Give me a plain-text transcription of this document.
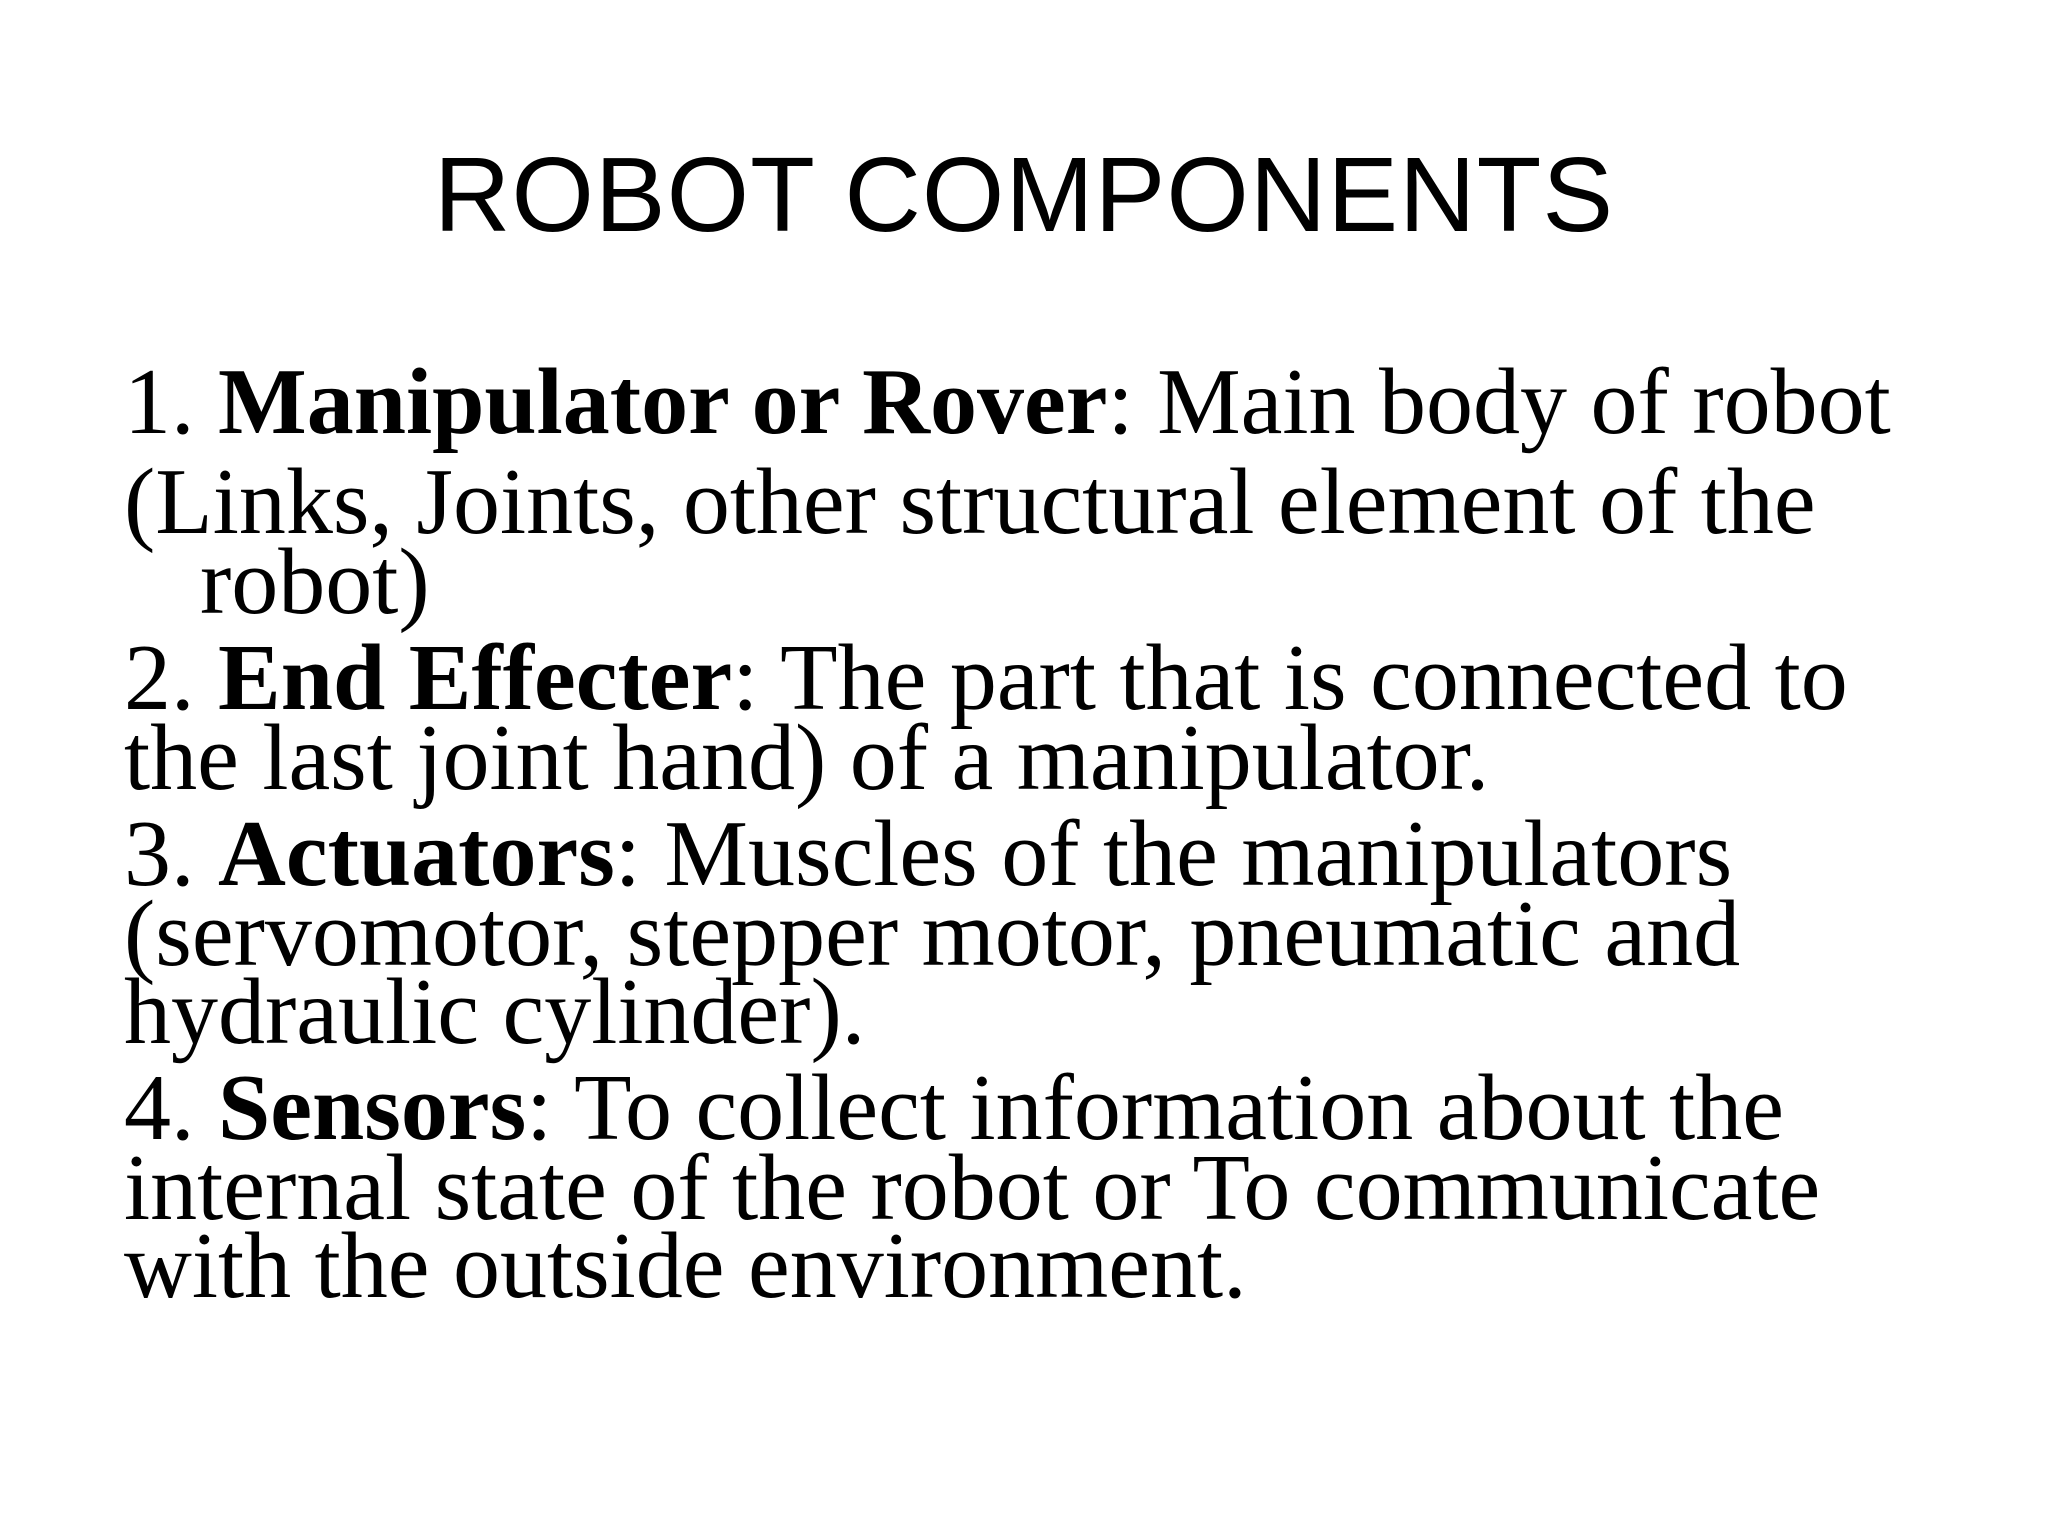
ROBOT COMPONENTS

1. Manipulator or Rover: Main body of robot

(Links, Joints, other structural element of the

robot)

2. End Effecter: The part that is connected to

the last joint hand) of a manipulator.

3. Actuators: Muscles of the manipulators

(servomotor, stepper motor, pneumatic and

hydraulic cylinder).

4. Sensors: To collect information about the

internal state of the robot or To communicate

with the outside environment.
